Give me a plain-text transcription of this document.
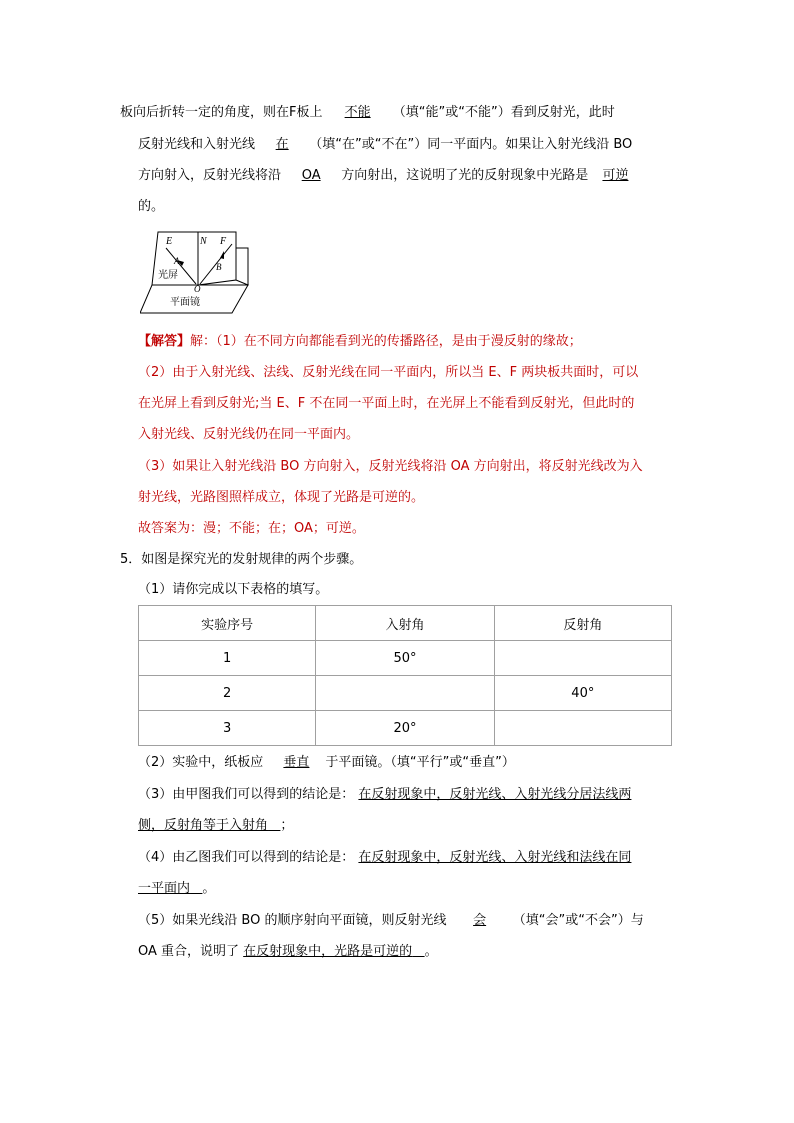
板向后折转一定的角度，则在F板上 不能 （填“能”或“不能”）看到反射光，此时
反射光线和入射光线 在 （填“在”或“不在”）同一平面内。如果让入射光线沿 BO
方向射入，反射光线将沿 OA 方向射出，这说明了光的反射现象中光路是 可逆
的。
E	N F
A
B
O
光屏
平面镜
【解答】解：（1）在不同方向都能看到光的传播路径，是由于漫反射的缘故；
（2）由于入射光线、法线、反射光线在同一平面内，所以当 E、F 两块板共面时，可以
在光屏上看到反射光;当 E、F 不在同一平面上时，在光屏上不能看到反射光，但此时的
入射光线、反射光线仍在同一平面内。
（3）如果让入射光线沿 BO 方向射入，反射光线将沿 OA 方向射出，将反射光线改为入
射光线，光路图照样成立，体现了光路是可逆的。
故答案为：漫；不能；在；OA；可逆。
5．如图是探究光的发射规律的两个步骤。
（1）请你完成以下表格的填写。
实验序号	入射角	反射角
1	50°	
2		40°
3	20°	
（2）实验中，纸板应 垂直 于平面镜。（填“平行”或“垂直”）
（3）由甲图我们可以得到的结论是： 在反射现象中，反射光线、入射光线分居法线两
侧，反射角等于入射角 ；
（4）由乙图我们可以得到的结论是： 在反射现象中，反射光线、入射光线和法线在同
一平面内 。
（5）如果光线沿 BO 的顺序射向平面镜，则反射光线 会 （填“会”或“不会”）与
OA 重合，说明了 在反射现象中，光路是可逆的 。
